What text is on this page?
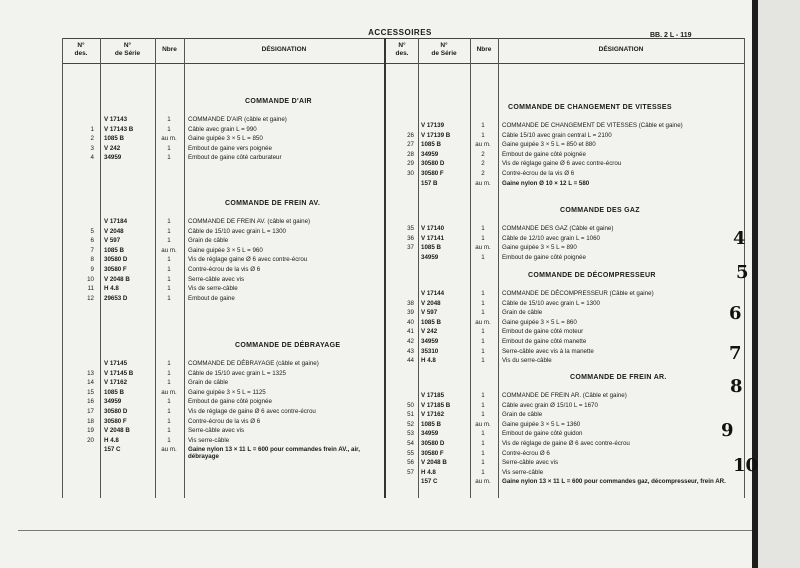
ACCESSOIRES	BB. 2 L - 119
N°
des.
N°
de Série
Nbre	DÉSIGNATION
N°
des.
N°
de Série
Nbre	DÉSIGNATION
COMMANDE D'AIR
V 17143	1	COMMANDE D'AIR (câble et gaine)
1 V 17143 B	1	Câble avec grain L = 990
2 1085 B	au m.	Gaine guipée 3 × 5 L = 850
3 V 242	1	Embout de gaine vers poignée
4 34959	1	Embout de gaine côté carburateur
COMMANDE DE FREIN AV.
V 17184	1	COMMANDE DE FREIN AV. (câble et gaine)
5 V 2048	1	Câble de 15/10 avec grain L = 1300
6 V 597	1	Grain de câble
7 1085 B	au m.	Gaine guipée 3 × 5 L = 960
8 30580 D	1	Vis de réglage gaine Ø 6 avec contre-écrou
9 30580 F	1	Contre-écrou de la vis Ø 6
10 V 2048 B	1	Serre-câble avec vis
11 H 4.8	1	Vis de serre-câble
12 29653 D	1	Embout de gaine
COMMANDE DE DÉBRAYAGE
V 17145	1	COMMANDE DE DÉBRAYAGE (câble et gaine)
13 V 17145 B	1	Câble de 15/10 avec grain L = 1325
14 V 17162	1	Grain de câble
15 1085 B	au m.	Gaine guipée 3 × 5 L = 1125
16 34959	1	Embout de gaine côté poignée
17 30580 D	1	Vis de réglage de gaine Ø 6 avec contre-écrou
18 30580 F	1	Contre-écrou de la vis Ø 6
19 V 2048 B	1	Serre-câble avec vis
20 H 4.8	1	Vis serre-câble
157 C	au m.	Gaine nylon 13 × 11 L = 600 pour commandes frein AV., air, débrayage
COMMANDE DE CHANGEMENT DE VITESSES
V 17139	1	COMMANDE DE CHANGEMENT DE VITESSES (Câble et gaine)
26 V 17139 B	1	Câble 15/10 avec grain central L = 2100
27 1085 B	au m.	Gaine guipée 3 × 5 L = 850 et 880
28 34959	2	Embout de gaine côté poignée
29 30580 D	2	Vis de réglage gaine Ø 6 avec contre-écrou
30 30580 F	2	Contre-écrou de la vis Ø 6
157 B	au m.	Gaine nylon Ø 10 × 12 L = 580
COMMANDE DES GAZ
35 V 17140	1	COMMANDE DES GAZ (Câble et gaine)
36 V 17141	1	Câble de 12/10 avec grain L = 1060
37 1085 B	au m.	Gaine guipée 3 × 5 L = 890
34959	1	Embout de gaine côté poignée
COMMANDE DE DÉCOMPRESSEUR
V 17144	1	COMMANDE DE DÉCOMPRESSEUR (Câble et gaine)
38 V 2048	1	Câble de 15/10 avec grain L = 1300
39 V 597	1	Grain de câble
40 1085 B	au m.	Gaine guipée 3 × 5 L = 860
41 V 242	1	Embout de gaine côté moteur
42 34959	1	Embout de gaine côté manette
43 35310	1	Serre-câble avec vis à la manette
44 H 4.8	1	Vis du serre-câble
COMMANDE DE FREIN AR.
V 17185	1	COMMANDE DE FREIN AR. (Câble et gaine)
50 V 17185 B	1	Câble avec grain Ø 15/10 L = 1670
51 V 17162	1	Grain de câble
52 1085 B	au m.	Gaine guipée 3 × 5 L = 1360
53 34959	1	Embout de gaine côté guidon
54 30580 D	1	Vis de réglage de gaine Ø 6 avec contre-écrou
55 30580 F	1	Contre-écrou Ø 6
56 V 2048 B	1	Serre-câble avec vis
57 H 4.8	1	Vis serre-câble
157 C	au m.	Gaine nylon 13 × 11 L = 600 pour commandes gaz, décompresseur, frein AR.
4
5
6
7
8
9
10
